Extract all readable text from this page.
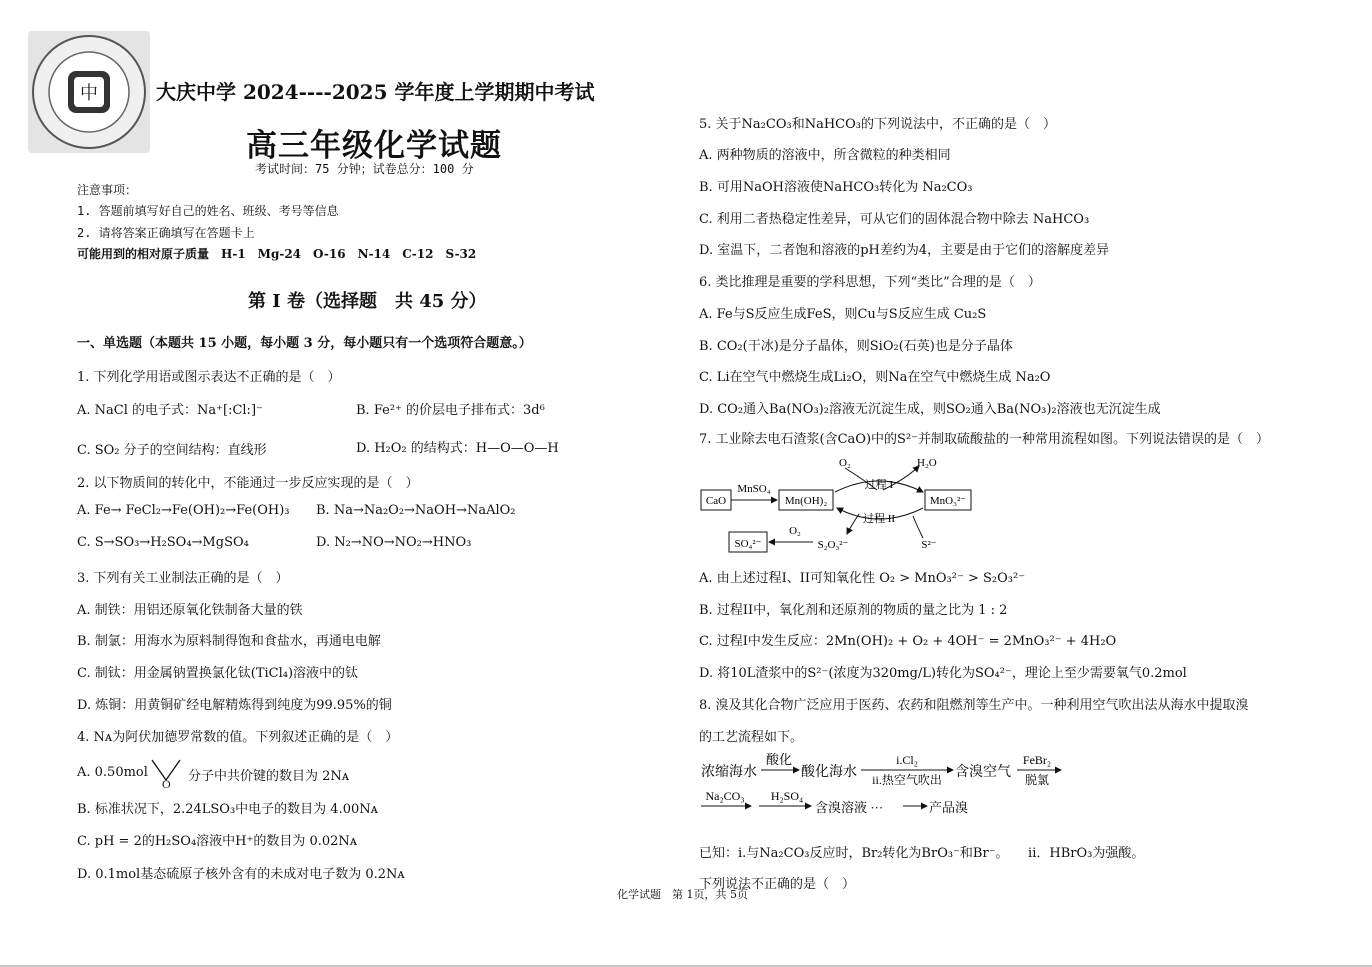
中	大庆中学 2024----2025 学年度上学期期中考试
高三年级化学试题
考试时间：75 分钟；试卷总分：100 分
注意事项：
1. 答题前填写好自己的姓名、班级、考号等信息
2. 请将答案正确填写在答题卡上
可能用到的相对原子质量　H-1　Mg-24　O-16　N-14　C-12　S-32
第 I 卷（选择题　共 45 分）
一、单选题（本题共 15 小题，每小题 3 分，每小题只有一个选项符合题意。）
1. 下列化学用语或图示表达不正确的是（　）
A. NaCl 的电子式：Na⁺[:Cl:]⁻	B. Fe²⁺ 的价层电子排布式：3d⁶
C. SO₂ 分子的空间结构：直线形	D. H₂O₂ 的结构式：H—O—O—H
2. 以下物质间的转化中，不能通过一步反应实现的是（　）
A. Fe→ FeCl₂→Fe(OH)₂→Fe(OH)₃ B. Na→Na₂O₂→NaOH→NaAlO₂
C. S→SO₃→H₂SO₄→MgSO₄	D. N₂→NO→NO₂→HNO₃
3. 下列有关工业制法正确的是（　）
A. 制铁：用铝还原氧化铁制备大量的铁
B. 制氯：用海水为原料制得饱和食盐水，再通电电解
C. 制钛：用金属钠置换氯化钛(TiCl₄)溶液中的钛
D. 炼铜：用黄铜矿经电解精炼得到纯度为99.95%的铜
4. Nᴀ为阿伏加德罗常数的值。下列叙述正确的是（　）
A. 0.50mol
O 分子中共价键的数目为 2Nᴀ
B. 标准状况下，2.24LSO₃中电子的数目为 4.00Nᴀ
C. pH = 2的H₂SO₄溶液中H⁺的数目为 0.02Nᴀ
D. 0.1mol基态硫原子核外含有的未成对电子数为 0.2Nᴀ
5. 关于Na₂CO₃和NaHCO₃的下列说法中，不正确的是（　）
A. 两种物质的溶液中，所含微粒的种类相同
B. 可用NaOH溶液使NaHCO₃转化为 Na₂CO₃
C. 利用二者热稳定性差异，可从它们的固体混合物中除去 NaHCO₃
D. 室温下，二者饱和溶液的pH差约为4，主要是由于它们的溶解度差异
6. 类比推理是重要的学科思想，下列“类比”合理的是（　）
A. Fe与S反应生成FeS，则Cu与S反应生成 Cu₂S
B. CO₂(干冰)是分子晶体，则SiO₂(石英)也是分子晶体
C. Li在空气中燃烧生成Li₂O，则Na在空气中燃烧生成 Na₂O
D. CO₂通入Ba(NO₃)₂溶液无沉淀生成，则SO₂通入Ba(NO₃)₂溶液也无沉淀生成
7. 工业除去电石渣浆(含CaO)中的S²⁻并制取硫酸盐的一种常用流程如图。下列说法错误的是（　）
CaO
MnSO₄
Mn(OH)₂
O₂	H₂O
过程 I
过程 II
MnO₃²⁻
SO₄²⁻
O₂
S₂O₃²⁻	S²⁻
A. 由上述过程I、II可知氧化性 O₂ > MnO₃²⁻ > S₂O₃²⁻
B. 过程II中，氧化剂和还原剂的物质的量之比为 1 : 2
C. 过程I中发生反应：2Mn(OH)₂ + O₂ + 4OH⁻ = 2MnO₃²⁻ + 4H₂O
D. 将10L渣浆中的S²⁻(浓度为320mg/L)转化为SO₄²⁻，理论上至少需要氧气0.2mol
8. 溴及其化合物广泛应用于医药、农药和阻燃剂等生产中。一种利用空气吹出法从海水中提取溴
的工艺流程如下。
浓缩海水
酸化
酸化海水
i.Cl₂
ii.热空气吹出 含溴空气
FeBr₂
脱氯
Na₂CO₃ H₂SO₄
含溴溶液 ···	产品溴
已知：i.与Na₂CO₃反应时，Br₂转化为BrO₃⁻和Br⁻。　　ii．HBrO₃为强酸。
下列说法不正确的是（　）
化学试题　第 1页，共 5页
